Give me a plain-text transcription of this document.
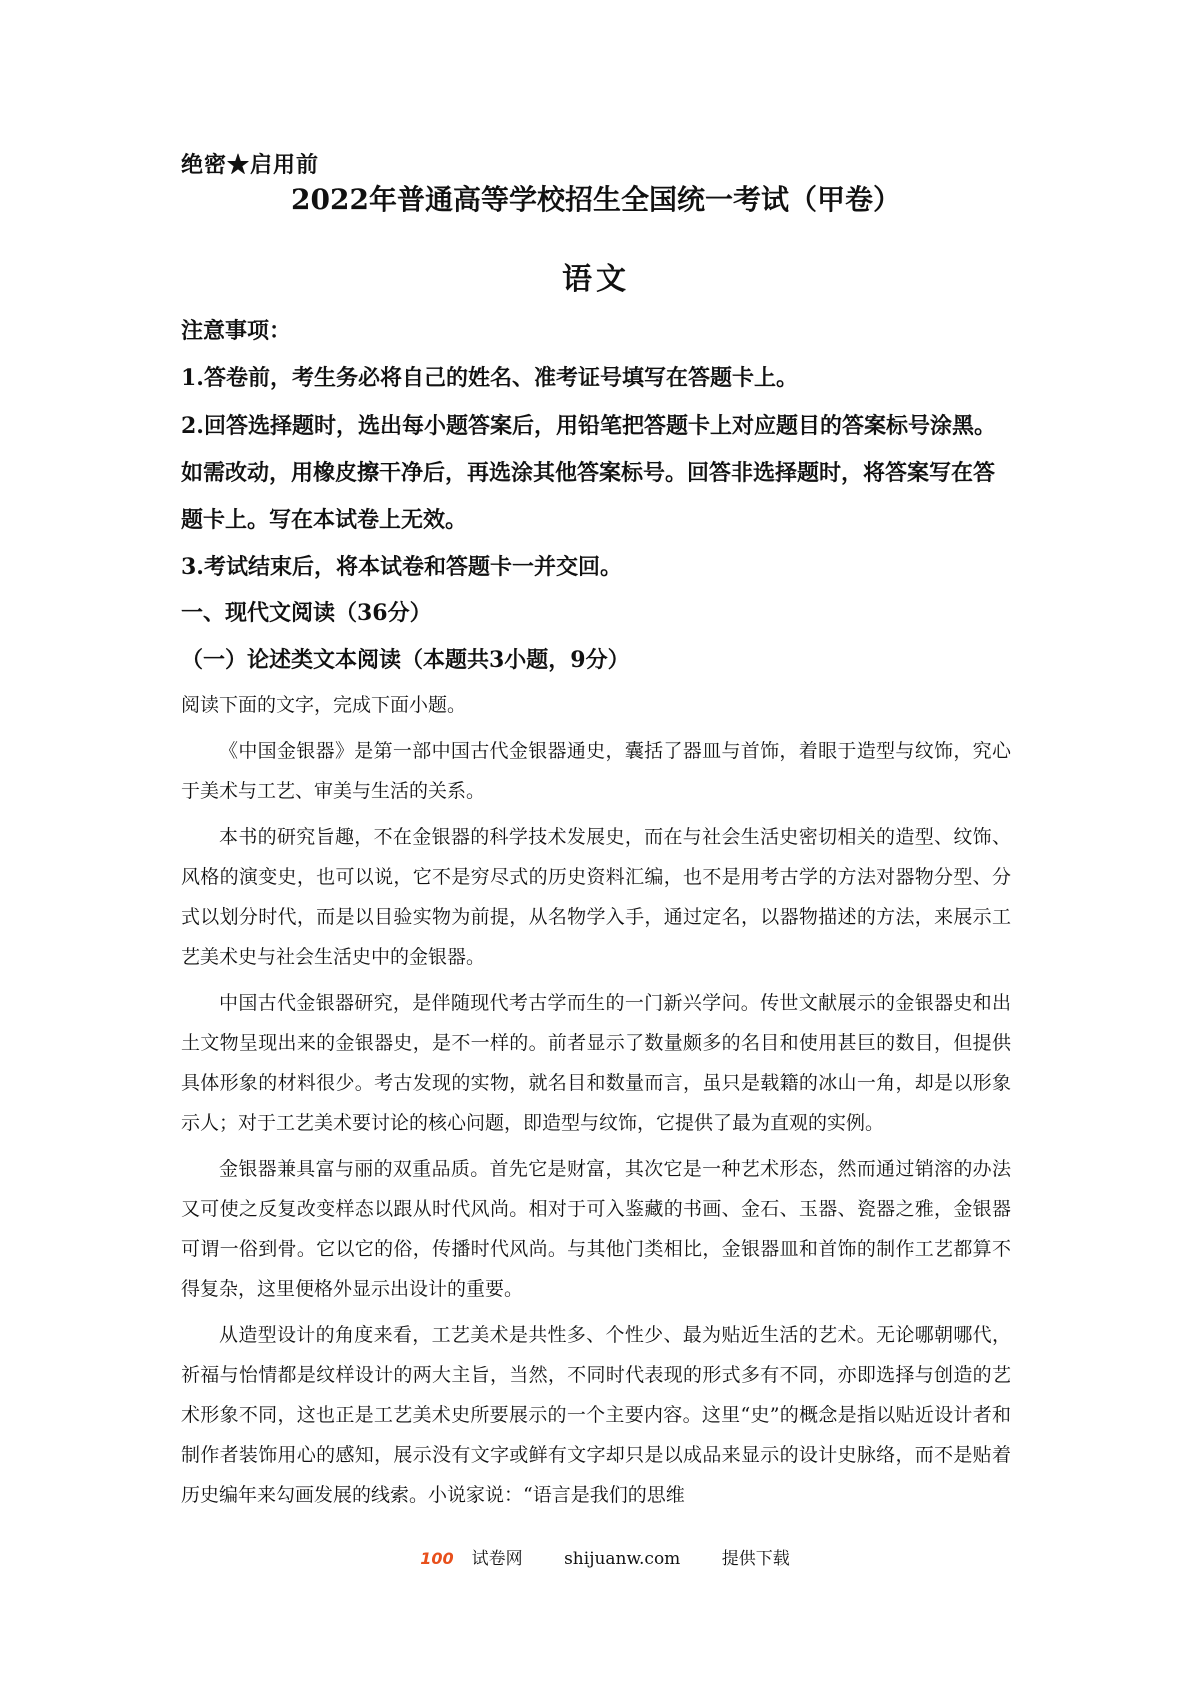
绝密★启用前
2022年普通高等学校招生全国统一考试（甲卷）
语文
注意事项：
1.答卷前，考生务必将自己的姓名、准考证号填写在答题卡上。
2.回答选择题时，选出每小题答案后，用铅笔把答题卡上对应题目的答案标号涂黑。如需改动，用橡皮擦干净后，再选涂其他答案标号。回答非选择题时，将答案写在答题卡上。写在本试卷上无效。
3.考试结束后，将本试卷和答题卡一并交回。
一、现代文阅读（36分）
（一）论述类文本阅读（本题共3小题，9分）
阅读下面的文字，完成下面小题。

《中国金银器》是第一部中国古代金银器通史，囊括了器皿与首饰，着眼于造型与纹饰，究心于美术与工艺、审美与生活的关系。

本书的研究旨趣，不在金银器的科学技术发展史，而在与社会生活史密切相关的造型、纹饰、风格的演变史，也可以说，它不是穷尽式的历史资料汇编，也不是用考古学的方法对器物分型、分式以划分时代，而是以目验实物为前提，从名物学入手，通过定名，以器物描述的方法，来展示工艺美术史与社会生活史中的金银器。

中国古代金银器研究，是伴随现代考古学而生的一门新兴学问。传世文献展示的金银器史和出土文物呈现出来的金银器史，是不一样的。前者显示了数量颇多的名目和使用甚巨的数目，但提供具体形象的材料很少。考古发现的实物，就名目和数量而言，虽只是载籍的冰山一角，却是以形象示人；对于工艺美术要讨论的核心问题，即造型与纹饰，它提供了最为直观的实例。

金银器兼具富与丽的双重品质。首先它是财富，其次它是一种艺术形态，然而通过销溶的办法又可使之反复改变样态以跟从时代风尚。相对于可入鉴藏的书画、金石、玉器、瓷器之雅，金银器可谓一俗到骨。它以它的俗，传播时代风尚。与其他门类相比，金银器皿和首饰的制作工艺都算不得复杂，这里便格外显示出设计的重要。

从造型设计的角度来看，工艺美术是共性多、个性少、最为贴近生活的艺术。无论哪朝哪代，祈福与怡情都是纹样设计的两大主旨，当然，不同时代表现的形式多有不同，亦即选择与创造的艺术形象不同，这也正是工艺美术史所要展示的一个主要内容。这里“史”的概念是指以贴近设计者和制作者装饰用心的感知，展示没有文字或鲜有文字却只是以成品来显示的设计史脉络，而不是贴着历史编年来勾画发展的线索。小说家说：“语言是我们的思维

100 试卷网 shijuanw.com 提供下载
